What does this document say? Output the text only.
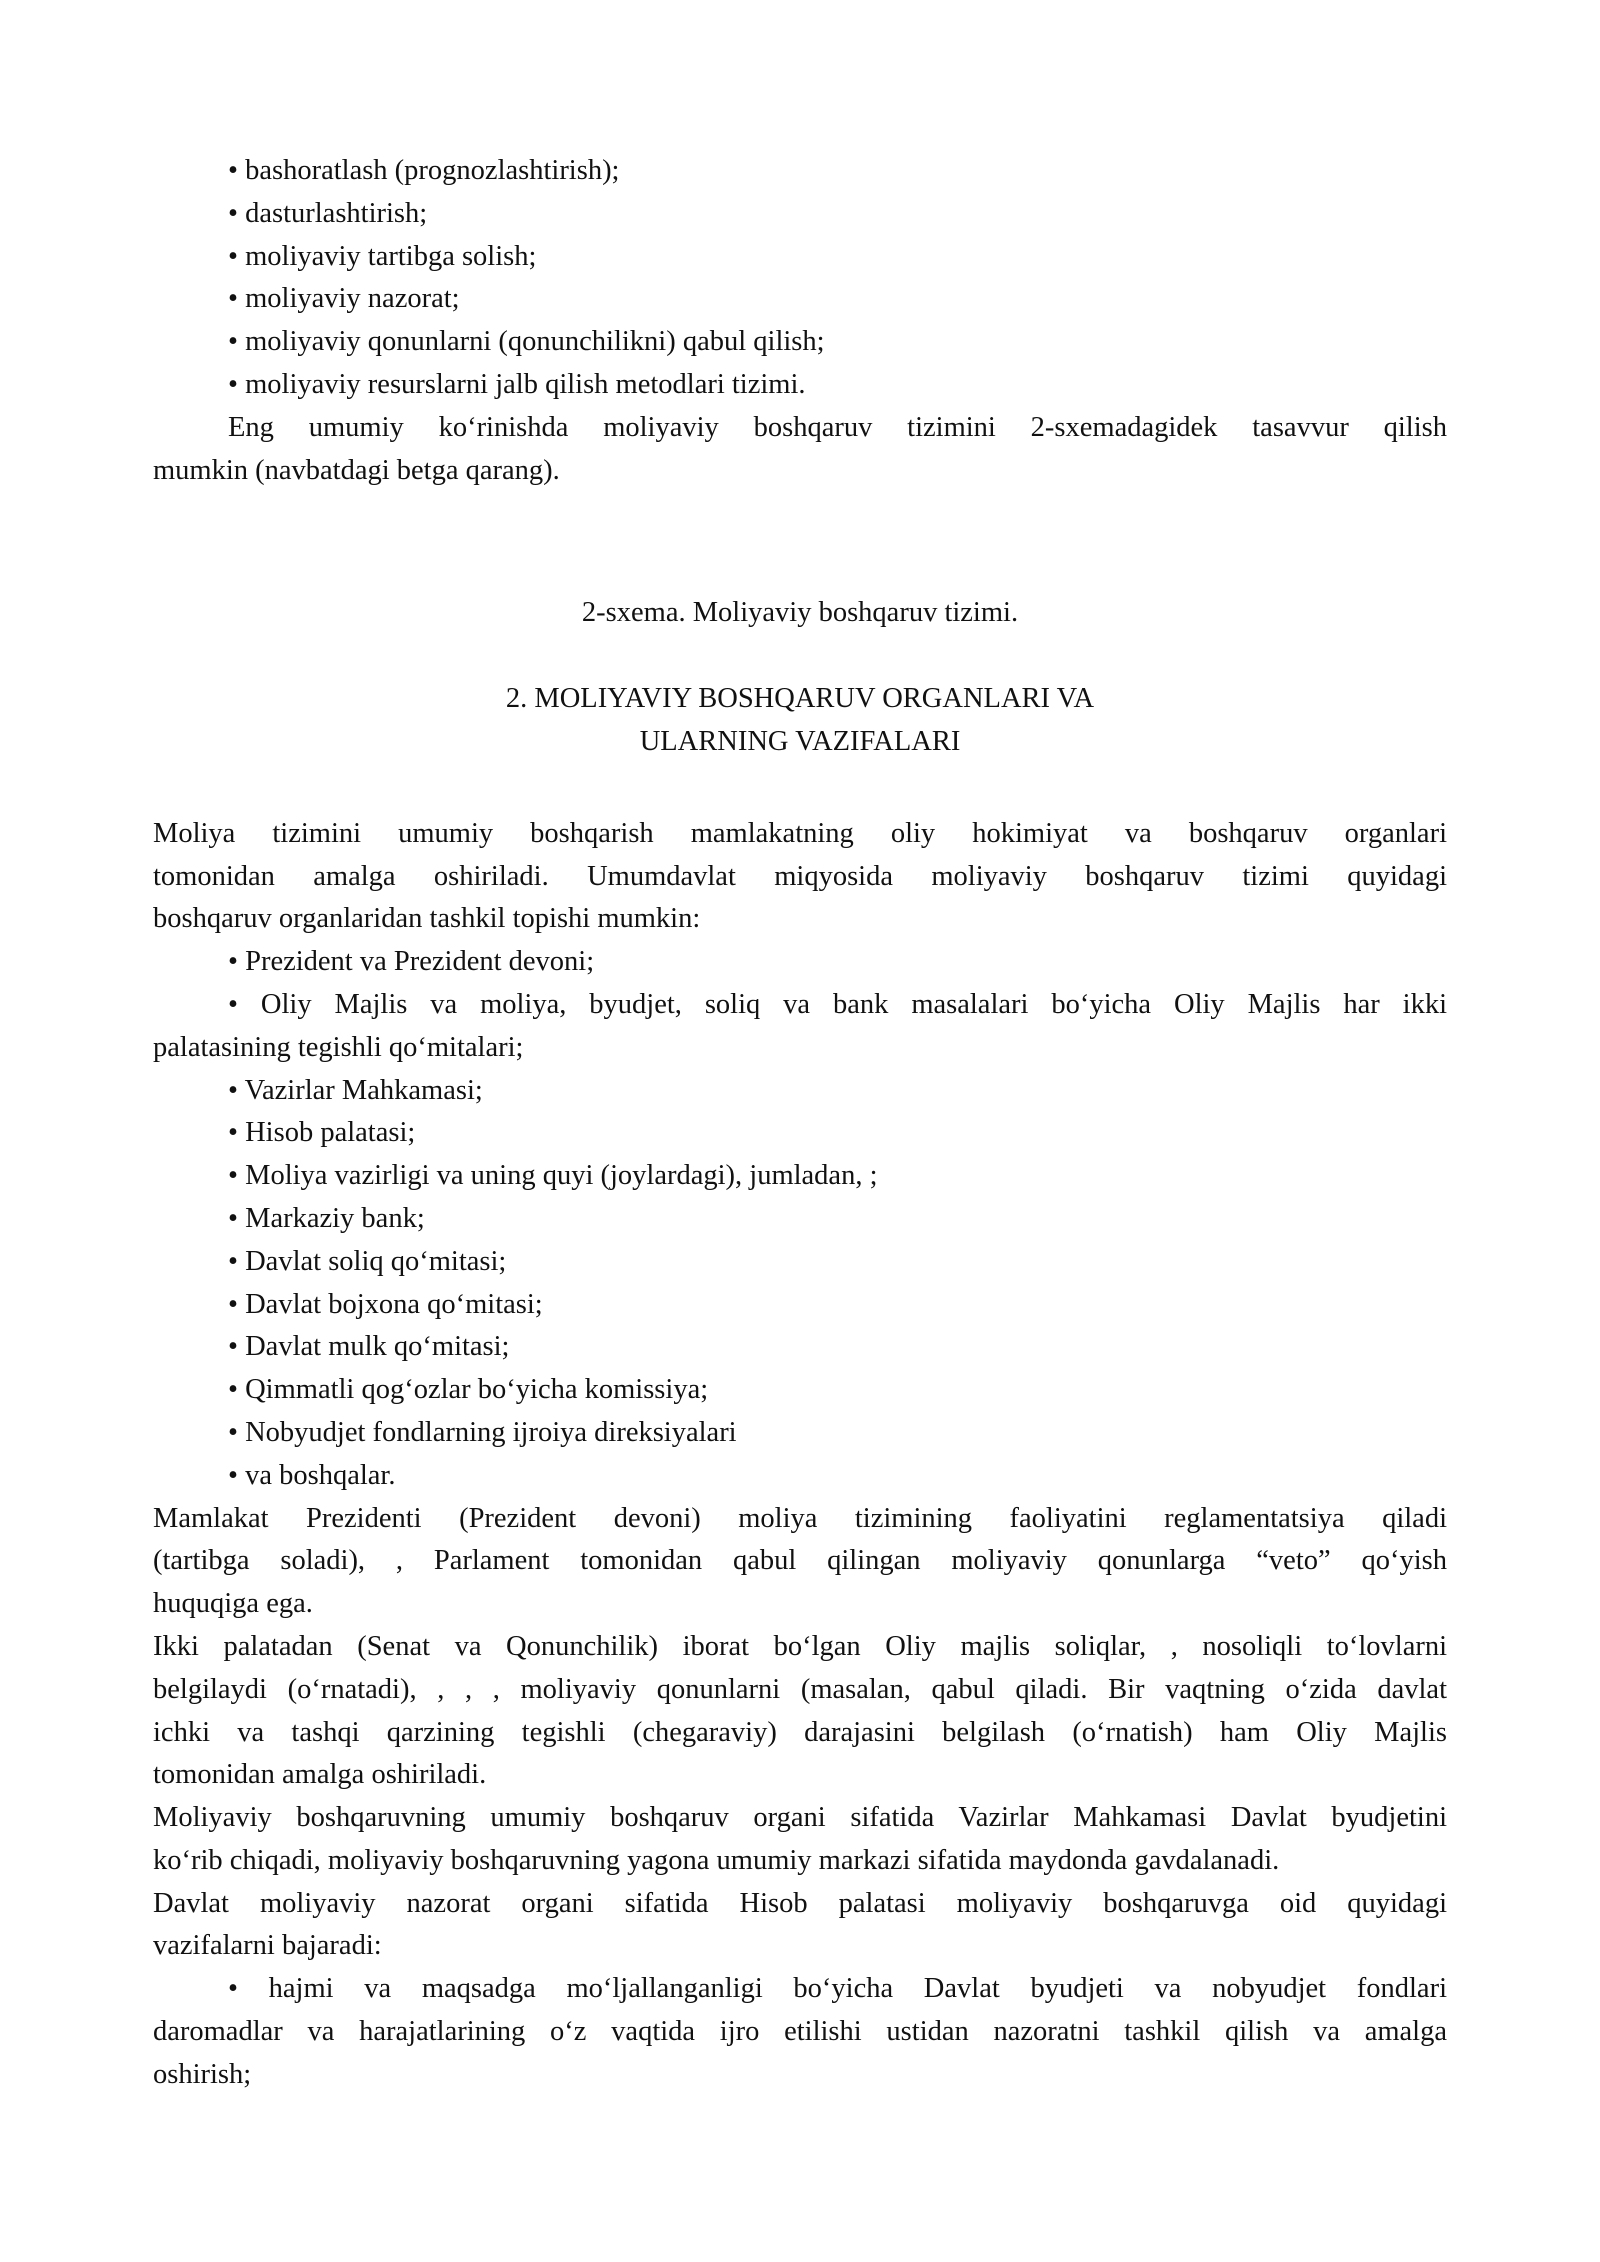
• bashoratlash (prognozlashtirish);
• dasturlashtirish;
• moliyaviy tartibga solish;
• moliyaviy nazorat;
• moliyaviy qonunlarni (qonunchilikni) qabul qilish;
• moliyaviy resurslarni jalb qilish metodlari tizimi.
Eng umumiy ko‘rinishda moliyaviy boshqaruv tizimini 2-sxemadagidek tasavvur qilish
mumkin (navbatdagi betga qarang).
2-sxema. Moliyaviy boshqaruv tizimi.
2. MOLIYAVIY BOSHQARUV ORGANLARI VA
ULARNING VAZIFALARI
Moliya tizimini umumiy boshqarish mamlakatning oliy hokimiyat va boshqaruv organlari
tomonidan amalga oshiriladi. Umumdavlat miqyosida moliyaviy boshqaruv tizimi quyidagi
boshqaruv organlaridan tashkil topishi mumkin:
• Prezident va Prezident devoni;
• Oliy Majlis va moliya, byudjet, soliq va bank masalalari bo‘yicha Oliy Majlis har ikki
palatasining tegishli qo‘mitalari;
• Vazirlar Mahkamasi;
• Hisob palatasi;
• Moliya vazirligi va uning quyi (joylardagi), jumladan, ;
• Markaziy bank;
• Davlat soliq qo‘mitasi;
• Davlat bojxona qo‘mitasi;
• Davlat mulk qo‘mitasi;
• Qimmatli qog‘ozlar bo‘yicha komissiya;
• Nobyudjet fondlarning ijroiya direksiyalari
• va boshqalar.
Mamlakat Prezidenti (Prezident devoni) moliya tizimining faoliyatini reglamentatsiya qiladi
(tartibga soladi), , Parlament tomonidan qabul qilingan moliyaviy qonunlarga “veto” qo‘yish
huquqiga ega.
Ikki palatadan (Senat va Qonunchilik) iborat bo‘lgan Oliy majlis soliqlar, , nosoliqli to‘lovlarni
belgilaydi (o‘rnatadi), , , , moliyaviy qonunlarni (masalan, qabul qiladi. Bir vaqtning o‘zida davlat
ichki va tashqi qarzining tegishli (chegaraviy) darajasini belgilash (o‘rnatish) ham Oliy Majlis
tomonidan amalga oshiriladi.
Moliyaviy boshqaruvning umumiy boshqaruv organi sifatida Vazirlar Mahkamasi Davlat byudjetini
ko‘rib chiqadi, moliyaviy boshqaruvning yagona umumiy markazi sifatida maydonda gavdalanadi.
Davlat moliyaviy nazorat organi sifatida Hisob palatasi moliyaviy boshqaruvga oid quyidagi
vazifalarni bajaradi:
• hajmi va maqsadga mo‘ljallanganligi bo‘yicha Davlat byudjeti va nobyudjet fondlari
daromadlar va harajatlarining o‘z vaqtida ijro etilishi ustidan nazoratni tashkil qilish va amalga
oshirish;
